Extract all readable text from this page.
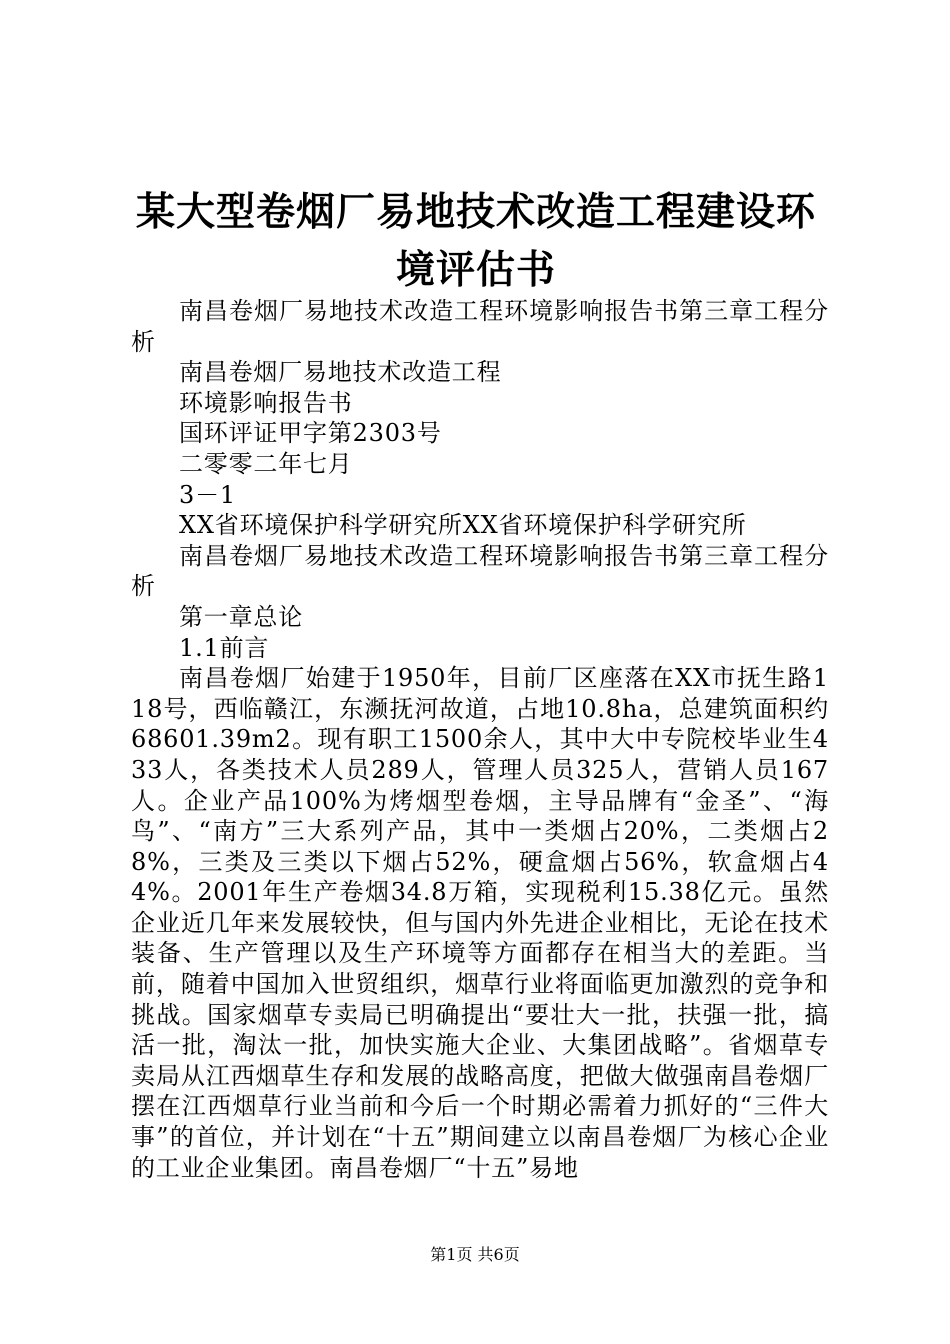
某大型卷烟厂易地技术改造工程建设环境评估书

南昌卷烟厂易地技术改造工程环境影响报告书第三章工程分析

南昌卷烟厂易地技术改造工程

环境影响报告书

国环评证甲字第2303号

二零零二年七月

3－1

XX省环境保护科学研究所XX省环境保护科学研究所

南昌卷烟厂易地技术改造工程环境影响报告书第三章工程分析

第一章总论

1.1前言

南昌卷烟厂始建于1950年，目前厂区座落在XX市抚生路118号，西临赣江，东濒抚河故道，占地10.8ha，总建筑面积约68601.39m2。现有职工1500余人，其中大中专院校毕业生433人，各类技术人员289人，管理人员325人，营销人员167人。企业产品100%为烤烟型卷烟，主导品牌有“金圣”、“海鸟”、“南方”三大系列产品，其中一类烟占20%，二类烟占28%，三类及三类以下烟占52%，硬盒烟占56%，软盒烟占44%。2001年生产卷烟34.8万箱，实现税利15.38亿元。虽然企业近几年来发展较快，但与国内外先进企业相比，无论在技术装备、生产管理以及生产环境等方面都存在相当大的差距。当前，随着中国加入世贸组织，烟草行业将面临更加激烈的竞争和挑战。国家烟草专卖局已明确提出“要壮大一批，扶强一批，搞活一批，淘汰一批，加快实施大企业、大集团战略”。省烟草专卖局从江西烟草生存和发展的战略高度，把做大做强南昌卷烟厂摆在江西烟草行业当前和今后一个时期必需着力抓好的“三件大事”的首位，并计划在“十五”期间建立以南昌卷烟厂为核心企业的工业企业集团。南昌卷烟厂“十五”易地

第1页 共6页
